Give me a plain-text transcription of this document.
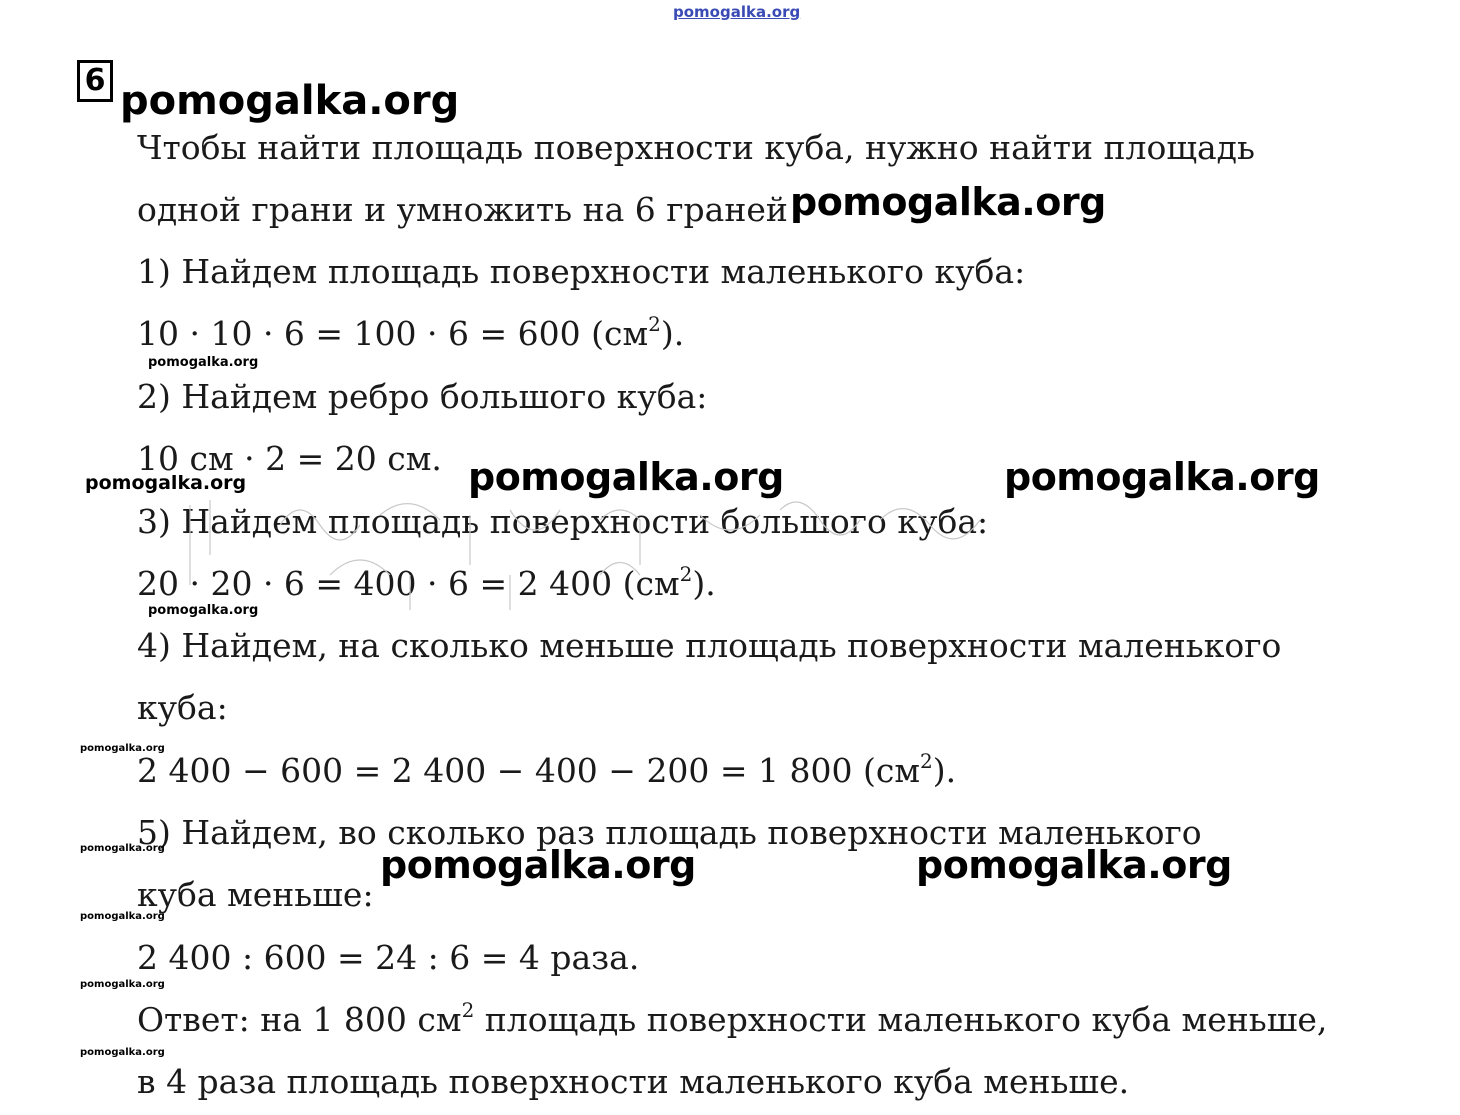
pomogalka.org
6 pomogalka.org
Чтобы найти площадь поверхности куба, нужно найти площадь
одной грани и умножить на 6 граней pomogalka.org
1) Найдем площадь поверхности маленького куба:
10 · 10 · 6 = 100 · 6 = 600 $(см^2)$.
pomogalka.org
2) Найдем ребро большого куба:
10 см · 2 = 20 см.
pomogalka.org	pomogalka.org	pomogalka.org
3) Найдем площадь поверхности большого куба:
20 · 20 · 6 = 400 · 6 = 2 400 $(см^2)$.
pomogalka.org
4) Найдем, на сколько меньше площадь поверхности маленького
куба:
pomogalka.org
2 400 − 600 = 2 400 − 400 − 200 = 1 800 $(см^2)$.
5) Найдем, во сколько раз площадь поверхности маленького
pomogalka.org	pomogalka.org	pomogalka.org
куба меньше:
pomogalka.org
2 400 : 600 = 24 : 6 = 4 раза.
pomogalka.org
Ответ: на 1 800 $см^2$ площадь поверхности маленького куба меньше,
pomogalka.org
в 4 раза площадь поверхности маленького куба меньше.
